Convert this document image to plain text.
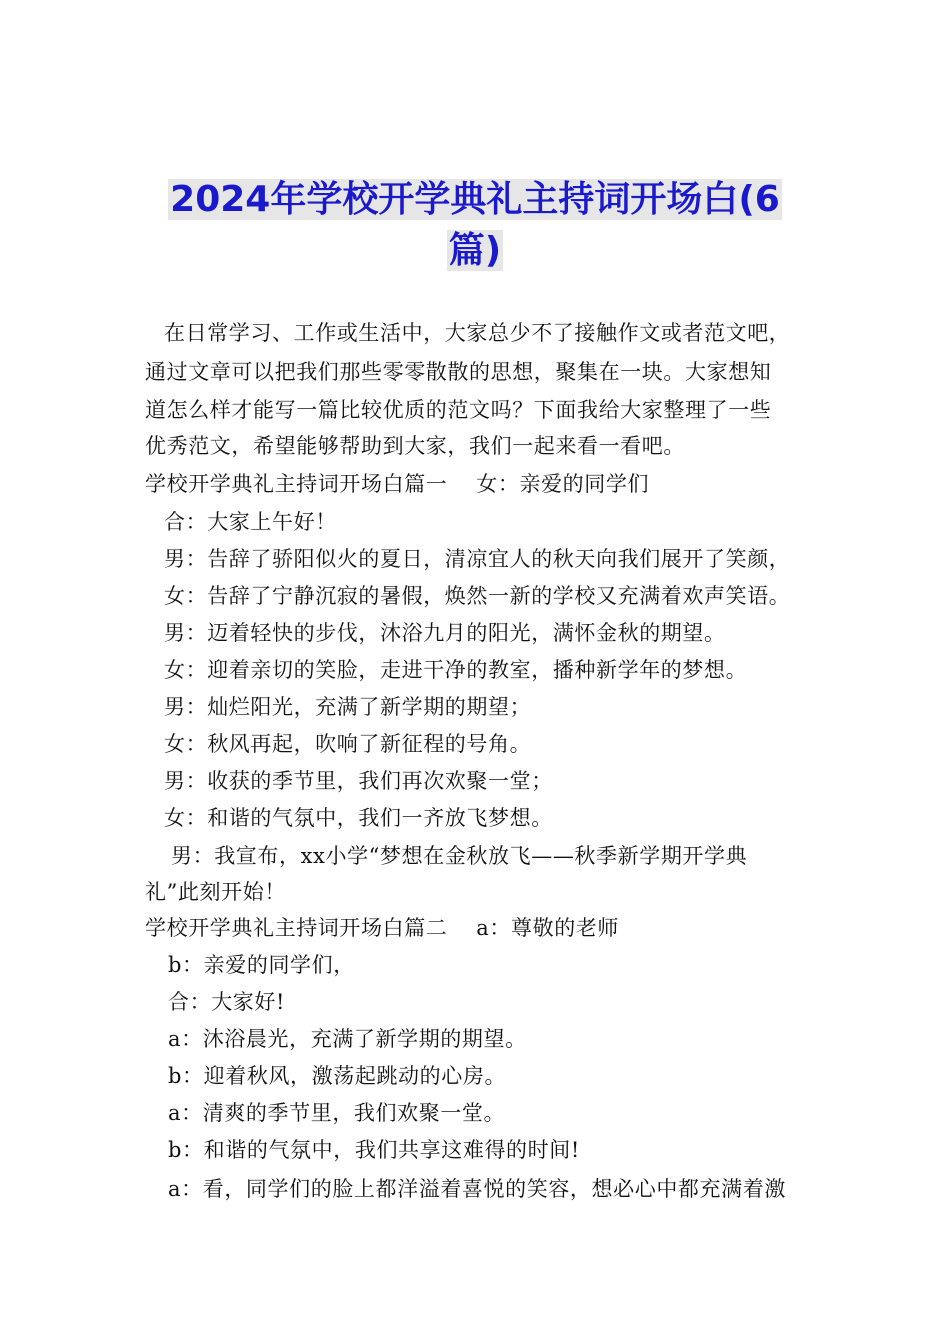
2024年学校开学典礼主持词开场白(6
篇)
在日常学习、工作或生活中，大家总少不了接触作文或者范文吧，
通过文章可以把我们那些零零散散的思想，聚集在一块。大家想知
道怎么样才能写一篇比较优质的范文吗？下面我给大家整理了一些
优秀范文，希望能够帮助到大家，我们一起来看一看吧。
学校开学典礼主持词开场白篇一　 女：亲爱的同学们
合：大家上午好！
男：告辞了骄阳似火的夏日，清凉宜人的秋天向我们展开了笑颜，
女：告辞了宁静沉寂的暑假，焕然一新的学校又充满着欢声笑语。
男：迈着轻快的步伐，沐浴九月的阳光，满怀金秋的期望。
女：迎着亲切的笑脸，走进干净的教室，播种新学年的梦想。
男：灿烂阳光，充满了新学期的期望；
女：秋风再起，吹响了新征程的号角。
男：收获的季节里，我们再次欢聚一堂；
女：和谐的气氛中，我们一齐放飞梦想。
男：我宣布，xx小学“梦想在金秋放飞——秋季新学期开学典
礼”此刻开始！
学校开学典礼主持词开场白篇二　 a：尊敬的老师
b：亲爱的同学们，
合：大家好!
a：沐浴晨光，充满了新学期的期望。
b：迎着秋风，激荡起跳动的心房。
a：清爽的季节里，我们欢聚一堂。
b：和谐的气氛中，我们共享这难得的时间!
a：看，同学们的脸上都洋溢着喜悦的笑容，想必心中都充满着激
